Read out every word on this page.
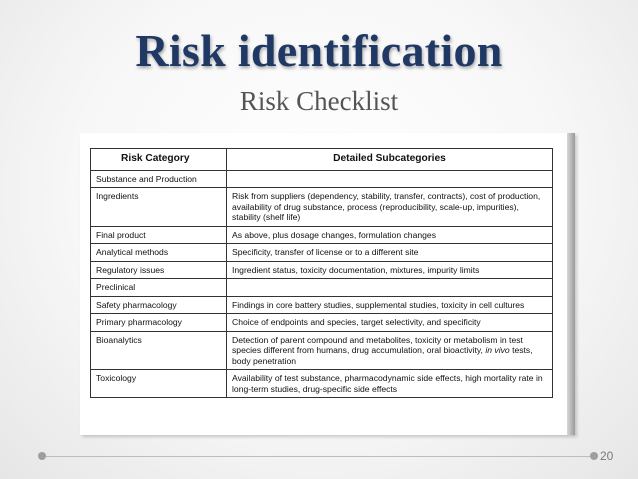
Risk identification
Risk Checklist
Risk Category	Detailed Subcategories
Substance and Production	
Ingredients	Risk from suppliers (dependency, stability, transfer, contracts), cost of production, availability of drug substance, process (reproducibility, scale-up, impurities), stability (shelf life)
Final product	As above, plus dosage changes, formulation changes
Analytical methods	Specificity, transfer of license or to a different site
Regulatory issues	Ingredient status, toxicity documentation, mixtures, impurity limits
Preclinical	
Safety pharmacology	Findings in core battery studies, supplemental studies, toxicity in cell cultures
Primary pharmacology	Choice of endpoints and species, target selectivity, and specificity
Bioanalytics	Detection of parent compound and metabolites, toxicity or metabolism in test species different from humans, drug accumulation, oral bioactivity, in vivo tests, body penetration
Toxicology	Availability of test substance, pharmacodynamic side effects, high mortality rate in long-term studies, drug-specific side effects
20
